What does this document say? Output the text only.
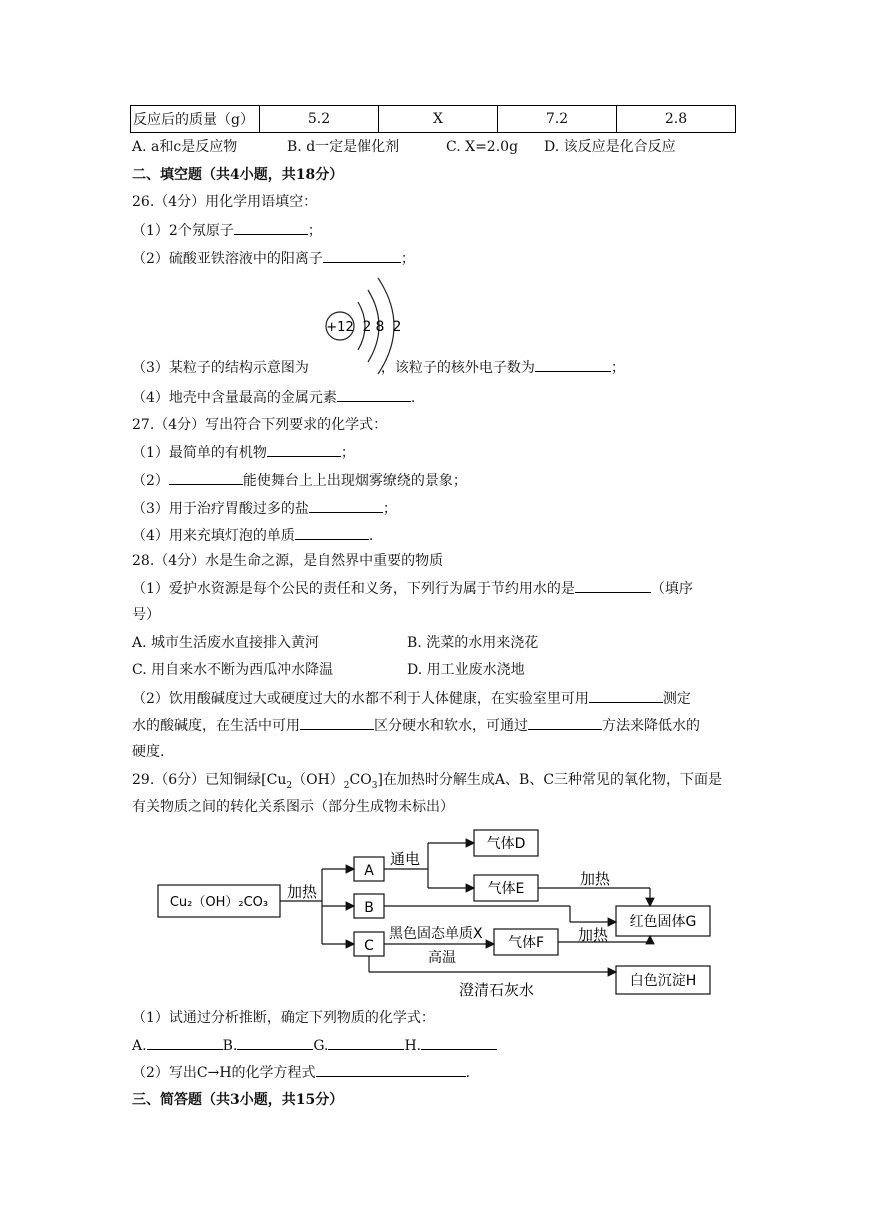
反应后的质量（g）	5.2	X	7.2	2.8
A. a和c是反应物	B. d一定是催化剂	C. X=2.0g D. 该反应是化合反应
二、填空题（共4小题，共18分）
26.（4分）用化学用语填空：
（1）2个氖原子	；
（2）硫酸亚铁溶液中的阳离子	；
+12 2 8 2
（3）某粒子的结构示意图为	，该粒子的核外电子数为	；
（4）地壳中含量最高的金属元素	.
27.（4分）写出符合下列要求的化学式：
（1）最简单的有机物	；
（2）	能使舞台上上出现烟雾缭绕的景象；
（3）用于治疗胃酸过多的盐	；
（4）用来充填灯泡的单质	.
28.（4分）水是生命之源，是自然界中重要的物质
（1）爱护水资源是每个公民的责任和义务，下列行为属于节约用水的是	（填序
号）
A. 城市生活废水直接排入黄河	B. 洗菜的水用来浇花
C. 用自来水不断为西瓜冲水降温	D. 用工业废水浇地
（2）饮用酸碱度过大或硬度过大的水都不利于人体健康，在实验室里可用	测定
水的酸碱度，在生活中可用	区分硬水和软水，可通过	方法来降低水的
硬度.
29.（6分）已知铜绿$[Cu_2(OH)_2CO_3]$在加热时分解生成A、B、C三种常见的氧化物，下面是
有关物质之间的转化关系图示（部分生成物未标出）
Cu₂（OH）₂CO₃
加热
A
B
C
通电
气体D
气体E
气体F
加热
加热
黑色固态单质X
高温
红色固体G
白色沉淀H
澄清石灰水
（1）试通过分析推断，确定下列物质的化学式：
A.	B.	G.	H.
（2）写出C→H的化学方程式	.
三、简答题（共3小题，共15分）
